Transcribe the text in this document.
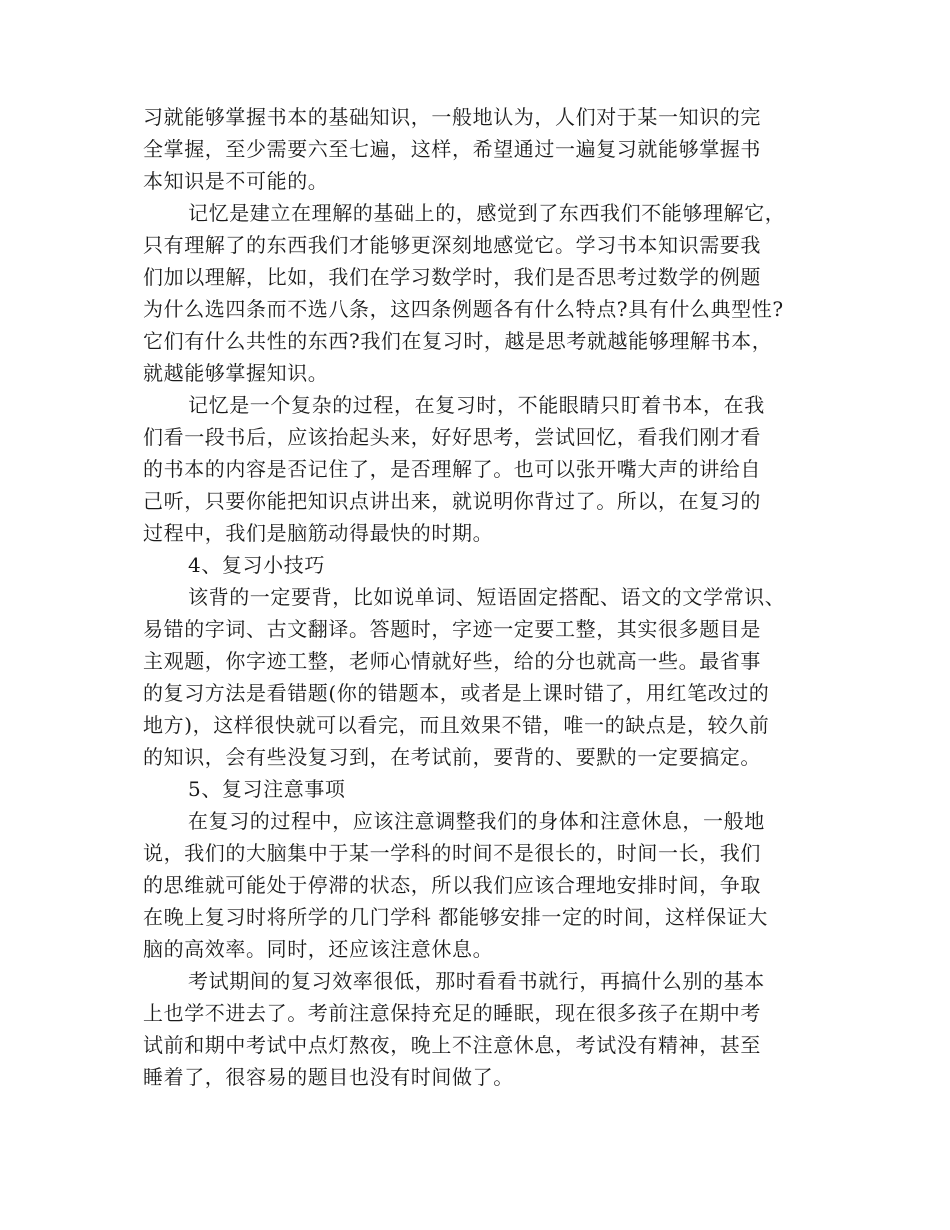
习就能够掌握书本的基础知识，一般地认为，人们对于某一知识的完
全掌握，至少需要六至七遍，这样，希望通过一遍复习就能够掌握书
本知识是不可能的。
记忆是建立在理解的基础上的，感觉到了东西我们不能够理解它，
只有理解了的东西我们才能够更深刻地感觉它。学习书本知识需要我
们加以理解，比如，我们在学习数学时，我们是否思考过数学的例题
为什么选四条而不选八条，这四条例题各有什么特点?具有什么典型性?
它们有什么共性的东西?我们在复习时，越是思考就越能够理解书本，
就越能够掌握知识。
记忆是一个复杂的过程，在复习时，不能眼睛只盯着书本，在我
们看一段书后，应该抬起头来，好好思考，尝试回忆，看我们刚才看
的书本的内容是否记住了，是否理解了。也可以张开嘴大声的讲给自
己听，只要你能把知识点讲出来，就说明你背过了。所以，在复习的
过程中，我们是脑筋动得最快的时期。
4、复习小技巧
该背的一定要背，比如说单词、短语固定搭配、语文的文学常识、
易错的字词、古文翻译。答题时，字迹一定要工整，其实很多题目是
主观题，你字迹工整，老师心情就好些，给的分也就高一些。最省事
的复习方法是看错题(你的错题本，或者是上课时错了，用红笔改过的
地方)，这样很快就可以看完，而且效果不错，唯一的缺点是，较久前
的知识，会有些没复习到，在考试前，要背的、要默的一定要搞定。
5、复习注意事项
在复习的过程中，应该注意调整我们的身体和注意休息，一般地
说，我们的大脑集中于某一学科的时间不是很长的，时间一长，我们
的思维就可能处于停滞的状态，所以我们应该合理地安排时间，争取
在晚上复习时将所学的几门学科 都能够安排一定的时间，这样保证大
脑的高效率。同时，还应该注意休息。
考试期间的复习效率很低，那时看看书就行，再搞什么别的基本
上也学不进去了。考前注意保持充足的睡眠，现在很多孩子在期中考
试前和期中考试中点灯熬夜，晚上不注意休息，考试没有精神，甚至
睡着了，很容易的题目也没有时间做了。
